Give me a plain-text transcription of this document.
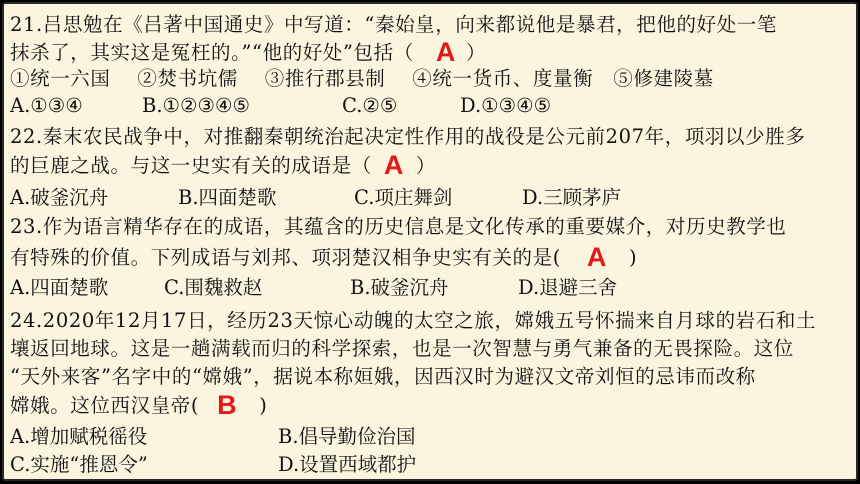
21.吕思勉在《吕著中国通史》中写道：“秦始皇，向来都说他是暴君，把他的好处一笔
抹杀了，其实这是冤枉的。”“他的好处”包括（ A ）
①统一六国　 ②焚书坑儒　 ③推行郡县制　 ④统一货币、度量衡　⑤修建陵墓
A.①③④	B.①②③④⑤	C.②⑤	D.①③④⑤
22.秦末农民战争中，对推翻秦朝统治起决定性作用的战役是公元前207年，项羽以少胜多
的巨鹿之战。与这一史实有关的成语是（ A ）
A.破釜沉舟	B.四面楚歌	C.项庄舞剑	D.三顾茅庐
23.作为语言精华存在的成语，其蕴含的历史信息是文化传承的重要媒介，对历史教学也
有特殊的价值。下列成语与刘邦、项羽楚汉相争史实有关的是( A )
A.四面楚歌	C.围魏救赵	B.破釜沉舟	D.退避三舍
24.2020年12月17日，经历23天惊心动魄的太空之旅，嫦娥五号怀揣来自月球的岩石和土
壤返回地球。这是一趟满载而归的科学探索，也是一次智慧与勇气兼备的无畏探险。这位
“天外来客”名字中的“嫦娥”，据说本称姮娥，因西汉时为避汉文帝刘恒的忌讳而改称
嫦娥。这位西汉皇帝( B )
A.增加赋税徭役	B.倡导勤俭治国
C.实施“推恩令”	D.设置西域都护
